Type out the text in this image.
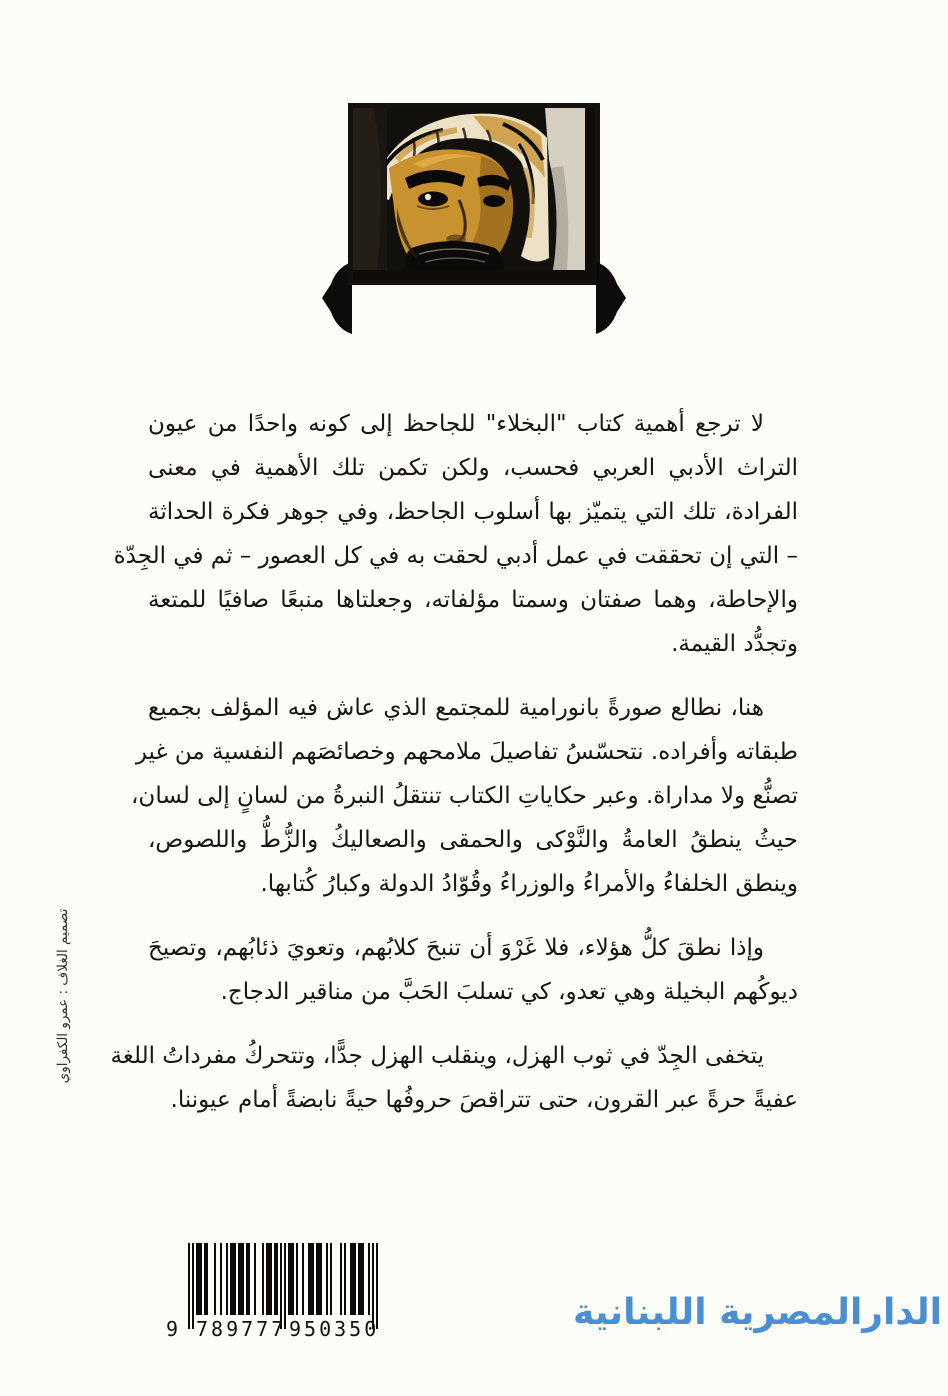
لا ترجع أهمية كتاب "البخلاء" للجاحظ إلى كونه واحدًا من عيون
التراث الأدبي العربي فحسب، ولكن تكمن تلك الأهمية في معنى
الفرادة، تلك التي يتميّز بها أسلوب الجاحظ، وفي جوهر فكرة الحداثة
– التي إن تحققت في عمل أدبي لحقت به في كل العصور – ثم في الجِدّة
والإحاطة، وهما صفتان وسمتا مؤلفاته، وجعلتاها منبعًا صافيًا للمتعة
وتجدُّد القيمة.
هنا، نطالع صورةً بانورامية للمجتمع الذي عاش فيه المؤلف بجميع
طبقاته وأفراده. نتحسّسُ تفاصيلَ ملامحهم وخصائصَهم النفسية من غير
تصنُّع ولا مداراة. وعبر حكاياتِ الكتاب تنتقلُ النبرةُ من لسانٍ إلى لسان،
حيثُ ينطقُ العامةُ والنَّوْكى والحمقى والصعاليكُ والزُّطُّ واللصوص،
وينطق الخلفاءُ والأمراءُ والوزراءُ وقُوّادُ الدولة وكبارُ كُتابها.
وإذا نطقَ كلُّ هؤلاء، فلا غَرْوَ أن تنبحَ كلابُهم، وتعويَ ذئابُهم، وتصيحَ
ديوكُهم البخيلة وهي تعدو، كي تسلبَ الحَبَّ من مناقير الدجاج.
يتخفى الجِدّ في ثوب الهزل، وينقلب الهزل جدًّا، وتتحركُ مفرداتُ اللغة
عفيةً حرةً عبر القرون، حتى تتراقصَ حروفُها حيةً نابضةً أمام عيوننا.
تصميم الغلاف : عمرو الكفراوي
9 789777 950350	الدارالمصرية اللبنانية
